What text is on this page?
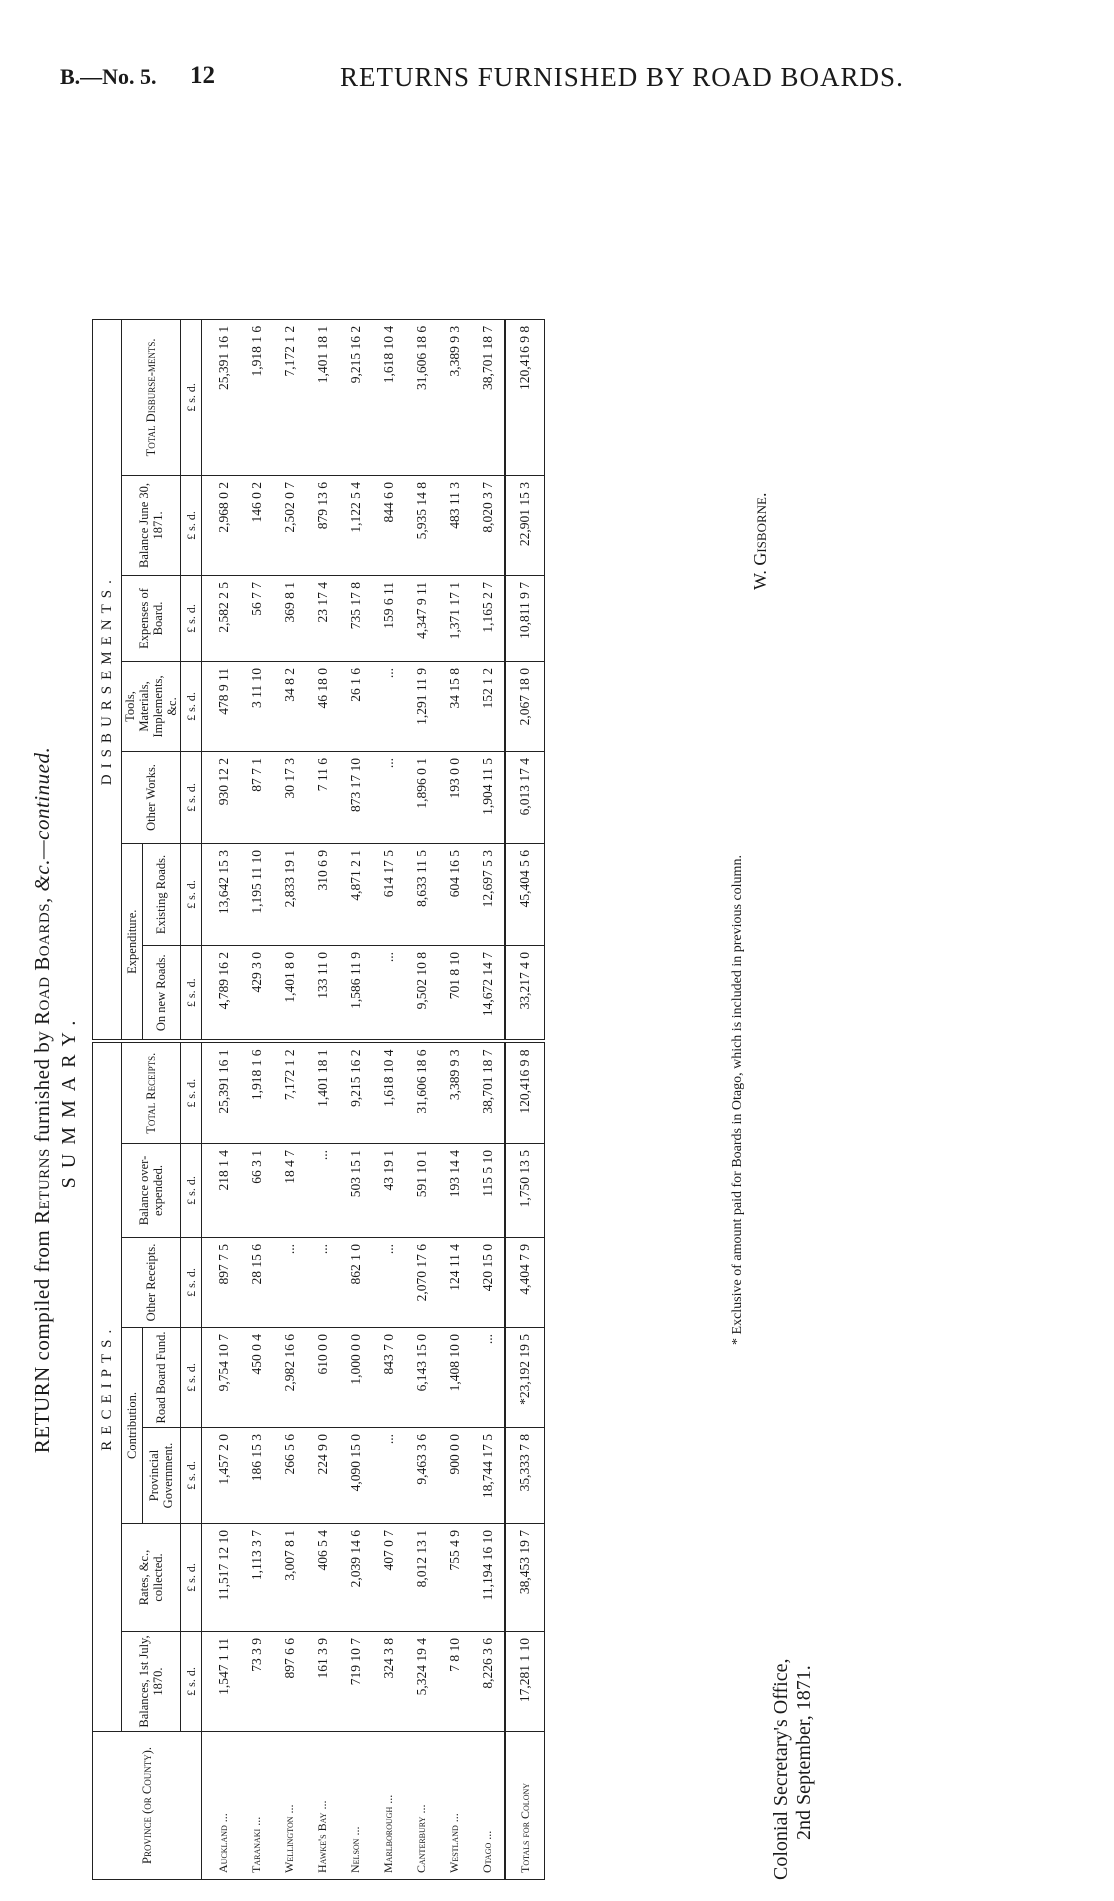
B.—No. 5. 12	RETURNS FURNISHED BY ROAD BOARDS.
RETURN compiled from Returns furnished by Road Boards, &c.—continued.
SUMMARY.
Province (or County).	RECEIPTS.							DISBURSEMENTS.						
	Balances, 1st July, 1870.	Rates, &c., collected.	Contribution.		Other Receipts.	Balance over-expended.	Total Receipts.	Expenditure.		Other Works.	Tools, Materials, Implements, &c.	Expenses of Board.	Balance June 30, 1871.	Total Disburse-ments.
			Provincial Government.	Road Board Fund.				On new Roads.	Existing Roads.					
	£ s. d.	£ s. d.	£ s. d.	£ s. d.	£ s. d.	£ s. d.	£ s. d.	£ s. d.	£ s. d.	£ s. d.	£ s. d.	£ s. d.	£ s. d.	£ s. d.
Auckland ...	1,547 1 11	11,517 12 10	1,457 2 0	9,754 10 7	897 7 5	218 1 4	25,391 16 1	4,789 16 2	13,642 15 3	930 12 2	478 9 11	2,582 2 5	2,968 0 2	25,391 16 1
Taranaki ...	73 3 9	1,113 3 7	186 15 3	450 0 4	28 15 6	66 3 1	1,918 1 6	429 3 0	1,195 11 10	87 7 1	3 11 10	56 7 7	146 0 2	1,918 1 6
Wellington ...	897 6 6	3,007 8 1	266 5 6	2,982 16 6	...	18 4 7	7,172 1 2	1,401 8 0	2,833 19 1	30 17 3	34 8 2	369 8 1	2,502 0 7	7,172 1 2
Hawke's Bay ...	161 3 9	406 5 4	224 9 0	610 0 0	...	...	1,401 18 1	133 11 0	310 6 9	7 11 6	46 18 0	23 17 4	879 13 6	1,401 18 1
Nelson ...	719 10 7	2,039 14 6	4,090 15 0	1,000 0 0	862 1 0	503 15 1	9,215 16 2	1,586 11 9	4,871 2 1	873 17 10	26 1 6	735 17 8	1,122 5 4	9,215 16 2
Marlborough ...	324 3 8	407 0 7	...	843 7 0	...	43 19 1	1,618 10 4	...	614 17 5	...	...	159 6 11	844 6 0	1,618 10 4
Canterbury ...	5,324 19 4	8,012 13 1	9,463 3 6	6,143 15 0	2,070 17 6	591 10 1	31,606 18 6	9,502 10 8	8,633 11 5	1,896 0 1	1,291 11 9	4,347 9 11	5,935 14 8	31,606 18 6
Westland ...	7 8 10	755 4 9	900 0 0	1,408 10 0	124 11 4	193 14 4	3,389 9 3	701 8 10	604 16 5	193 0 0	34 15 8	1,371 17 1	483 11 3	3,389 9 3
Otago ...	8,226 3 6	11,194 16 10	18,744 17 5	...	420 15 0	115 5 10	38,701 18 7	14,672 14 7	12,697 5 3	1,904 11 5	152 1 2	1,165 2 7	8,020 3 7	38,701 18 7
Totals for Colony	17,281 1 10	38,453 19 7	35,333 7 8	*23,192 19 5	4,404 7 9	1,750 13 5	120,416 9 8	33,217 4 0	45,404 5 6	6,013 17 4	2,067 18 0	10,811 9 7	22,901 15 3	120,416 9 8
* Exclusive of amount paid for Boards in Otago, which is included in previous column.
Colonial Secretary's Office, 2nd September, 1871.
W. Gisborne.
